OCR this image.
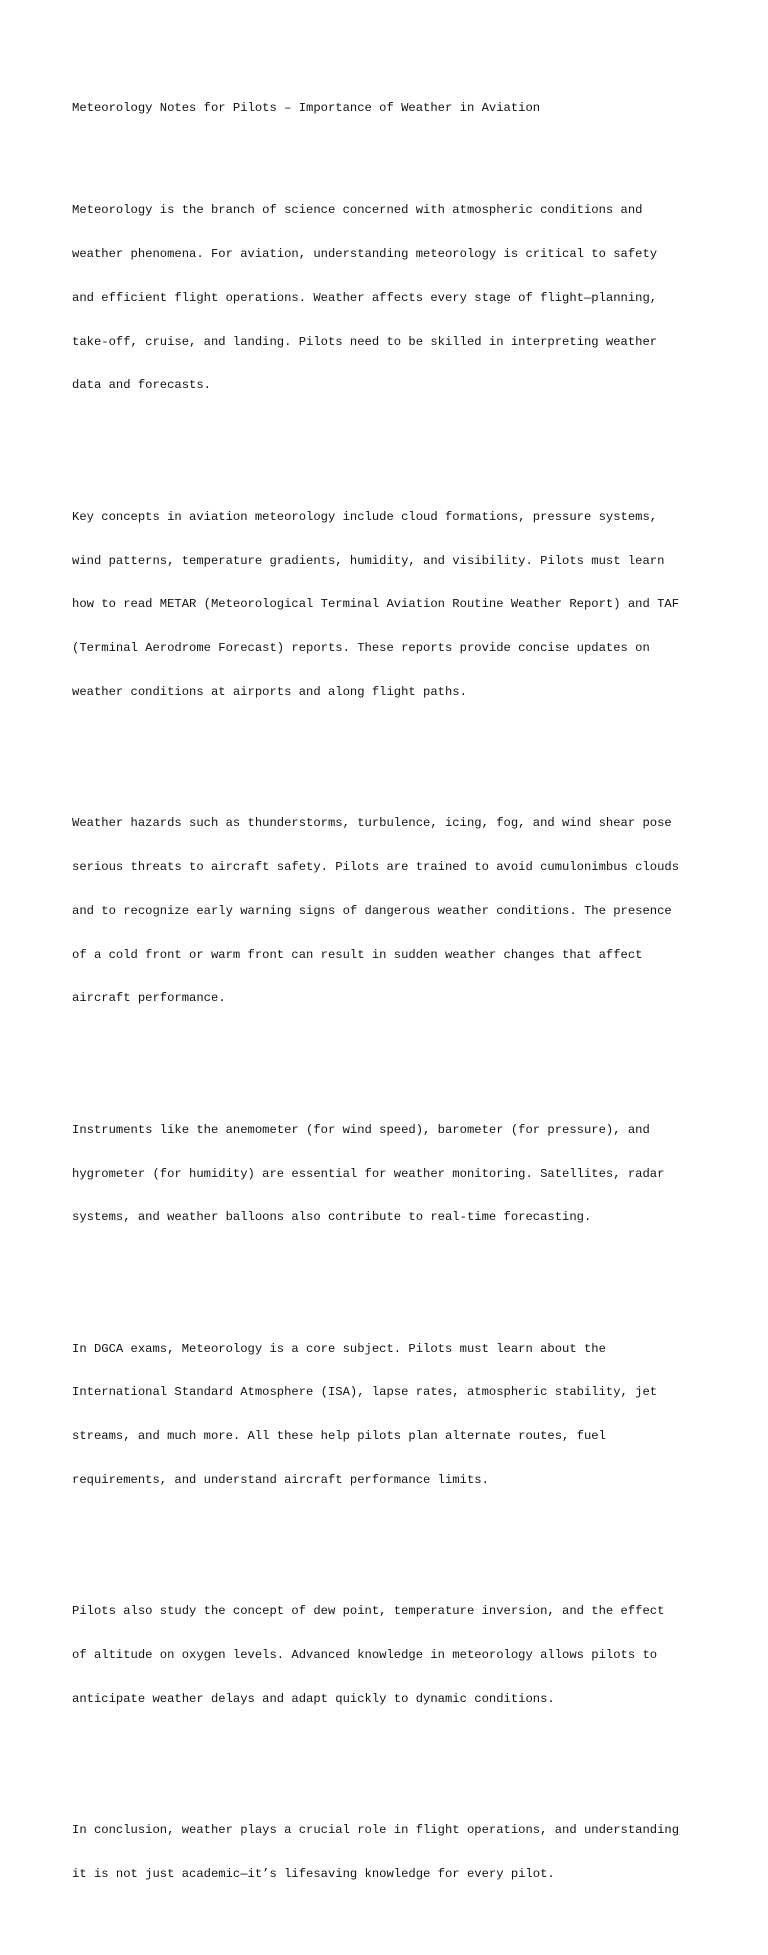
Meteorology Notes for Pilots – Importance of Weather in Aviation

Meteorology is the branch of science concerned with atmospheric conditions and

weather phenomena. For aviation, understanding meteorology is critical to safety

and efficient flight operations. Weather affects every stage of flight—planning,

take-off, cruise, and landing. Pilots need to be skilled in interpreting weather

data and forecasts.

Key concepts in aviation meteorology include cloud formations, pressure systems,

wind patterns, temperature gradients, humidity, and visibility. Pilots must learn

how to read METAR (Meteorological Terminal Aviation Routine Weather Report) and TAF

(Terminal Aerodrome Forecast) reports. These reports provide concise updates on

weather conditions at airports and along flight paths.

Weather hazards such as thunderstorms, turbulence, icing, fog, and wind shear pose

serious threats to aircraft safety. Pilots are trained to avoid cumulonimbus clouds

and to recognize early warning signs of dangerous weather conditions. The presence

of a cold front or warm front can result in sudden weather changes that affect

aircraft performance.

Instruments like the anemometer (for wind speed), barometer (for pressure), and

hygrometer (for humidity) are essential for weather monitoring. Satellites, radar

systems, and weather balloons also contribute to real-time forecasting.

In DGCA exams, Meteorology is a core subject. Pilots must learn about the

International Standard Atmosphere (ISA), lapse rates, atmospheric stability, jet

streams, and much more. All these help pilots plan alternate routes, fuel

requirements, and understand aircraft performance limits.

Pilots also study the concept of dew point, temperature inversion, and the effect

of altitude on oxygen levels. Advanced knowledge in meteorology allows pilots to

anticipate weather delays and adapt quickly to dynamic conditions.

In conclusion, weather plays a crucial role in flight operations, and understanding

it is not just academic—it’s lifesaving knowledge for every pilot.
